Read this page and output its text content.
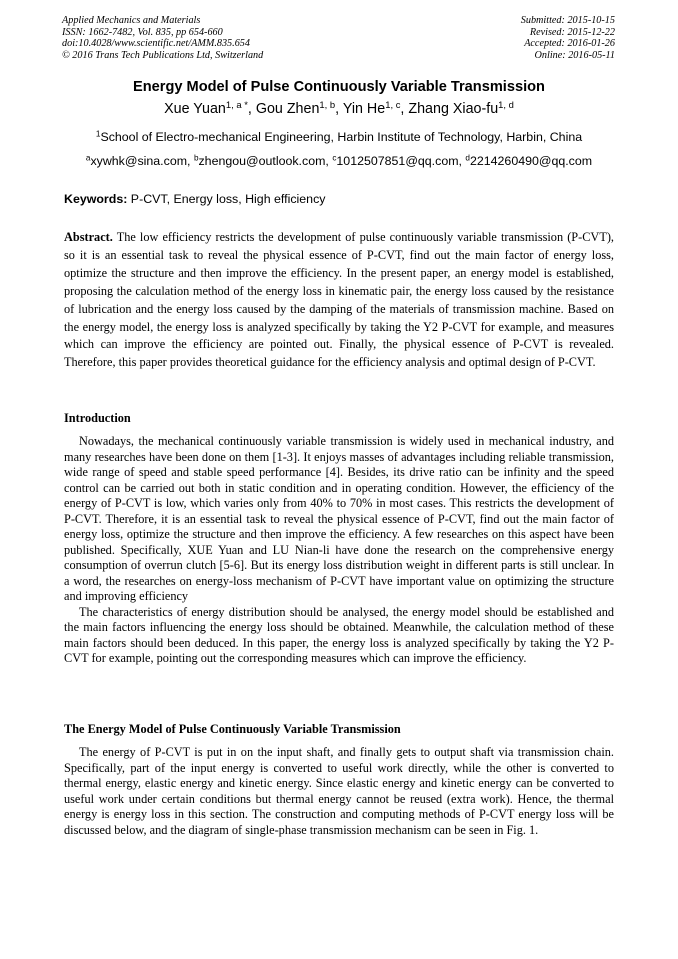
Applied Mechanics and Materials
ISSN: 1662-7482, Vol. 835, pp 654-660
doi:10.4028/www.scientific.net/AMM.835.654
© 2016 Trans Tech Publications Ltd, Switzerland
Submitted: 2015-10-15
Revised: 2015-12-22
Accepted: 2016-01-26
Online: 2016-05-11
Energy Model of Pulse Continuously Variable Transmission
Xue Yuan$^{1, a *}$, Gou Zhen$^{1, b}$, Yin He$^{1, c}$, Zhang Xiao-fu$^{1, d}$
$^1$School of Electro-mechanical Engineering, Harbin Institute of Technology, Harbin, China
$^a$xywhk@sina.com, $^b$zhengou@outlook.com, $^c$1012507851@qq.com, $^d$2214260490@qq.com
Keywords: P-CVT, Energy loss, High efficiency
Abstract. The low efficiency restricts the development of pulse continuously variable transmission (P-CVT), so it is an essential task to reveal the physical essence of P-CVT, find out the main factor of energy loss, optimize the structure and then improve the efficiency. In the present paper, an energy model is established, proposing the calculation method of the energy loss in kinematic pair, the energy loss caused by the resistance of lubrication and the energy loss caused by the damping of the materials of transmission machine. Based on the energy model, the energy loss is analyzed specifically by taking the Y2 P-CVT for example, and measures which can improve the efficiency are pointed out. Finally, the physical essence of P-CVT is revealed. Therefore, this paper provides theoretical guidance for the efficiency analysis and optimal design of P-CVT.
Introduction

Nowadays, the mechanical continuously variable transmission is widely used in mechanical industry, and many researches have been done on them [1-3]. It enjoys masses of advantages including reliable transmission, wide range of speed and stable speed performance [4]. Besides, its drive ratio can be infinity and the speed control can be carried out both in static condition and in operating condition. However, the efficiency of the energy of P-CVT is low, which varies only from 40% to 70% in most cases. This restricts the development of P-CVT. Therefore, it is an essential task to reveal the physical essence of P-CVT, find out the main factor of energy loss, optimize the structure and then improve the efficiency. A few researches on this aspect have been published. Specifically, XUE Yuan and LU Nian-li have done the research on the comprehensive energy consumption of overrun clutch [5-6]. But its energy loss distribution weight in different parts is still unclear. In a word, the researches on energy-loss mechanism of P-CVT have important value on optimizing the structure and improving efficiency

The characteristics of energy distribution should be analysed, the energy model should be established and the main factors influencing the energy loss should be obtained. Meanwhile, the calculation method of these main factors should been deduced. In this paper, the energy loss is analyzed specifically by taking the Y2 P-CVT for example, pointing out the corresponding measures which can improve the efficiency.

The Energy Model of Pulse Continuously Variable Transmission

The energy of P-CVT is put in on the input shaft, and finally gets to output shaft via transmission chain. Specifically, part of the input energy is converted to useful work directly, while the other is converted to thermal energy, elastic energy and kinetic energy. Since elastic energy and kinetic energy can be converted to useful work under certain conditions but thermal energy cannot be reused (extra work). Hence, the thermal energy is energy loss in this section. The construction and computing methods of P-CVT energy loss will be discussed below, and the diagram of single-phase transmission mechanism can be seen in Fig. 1.
